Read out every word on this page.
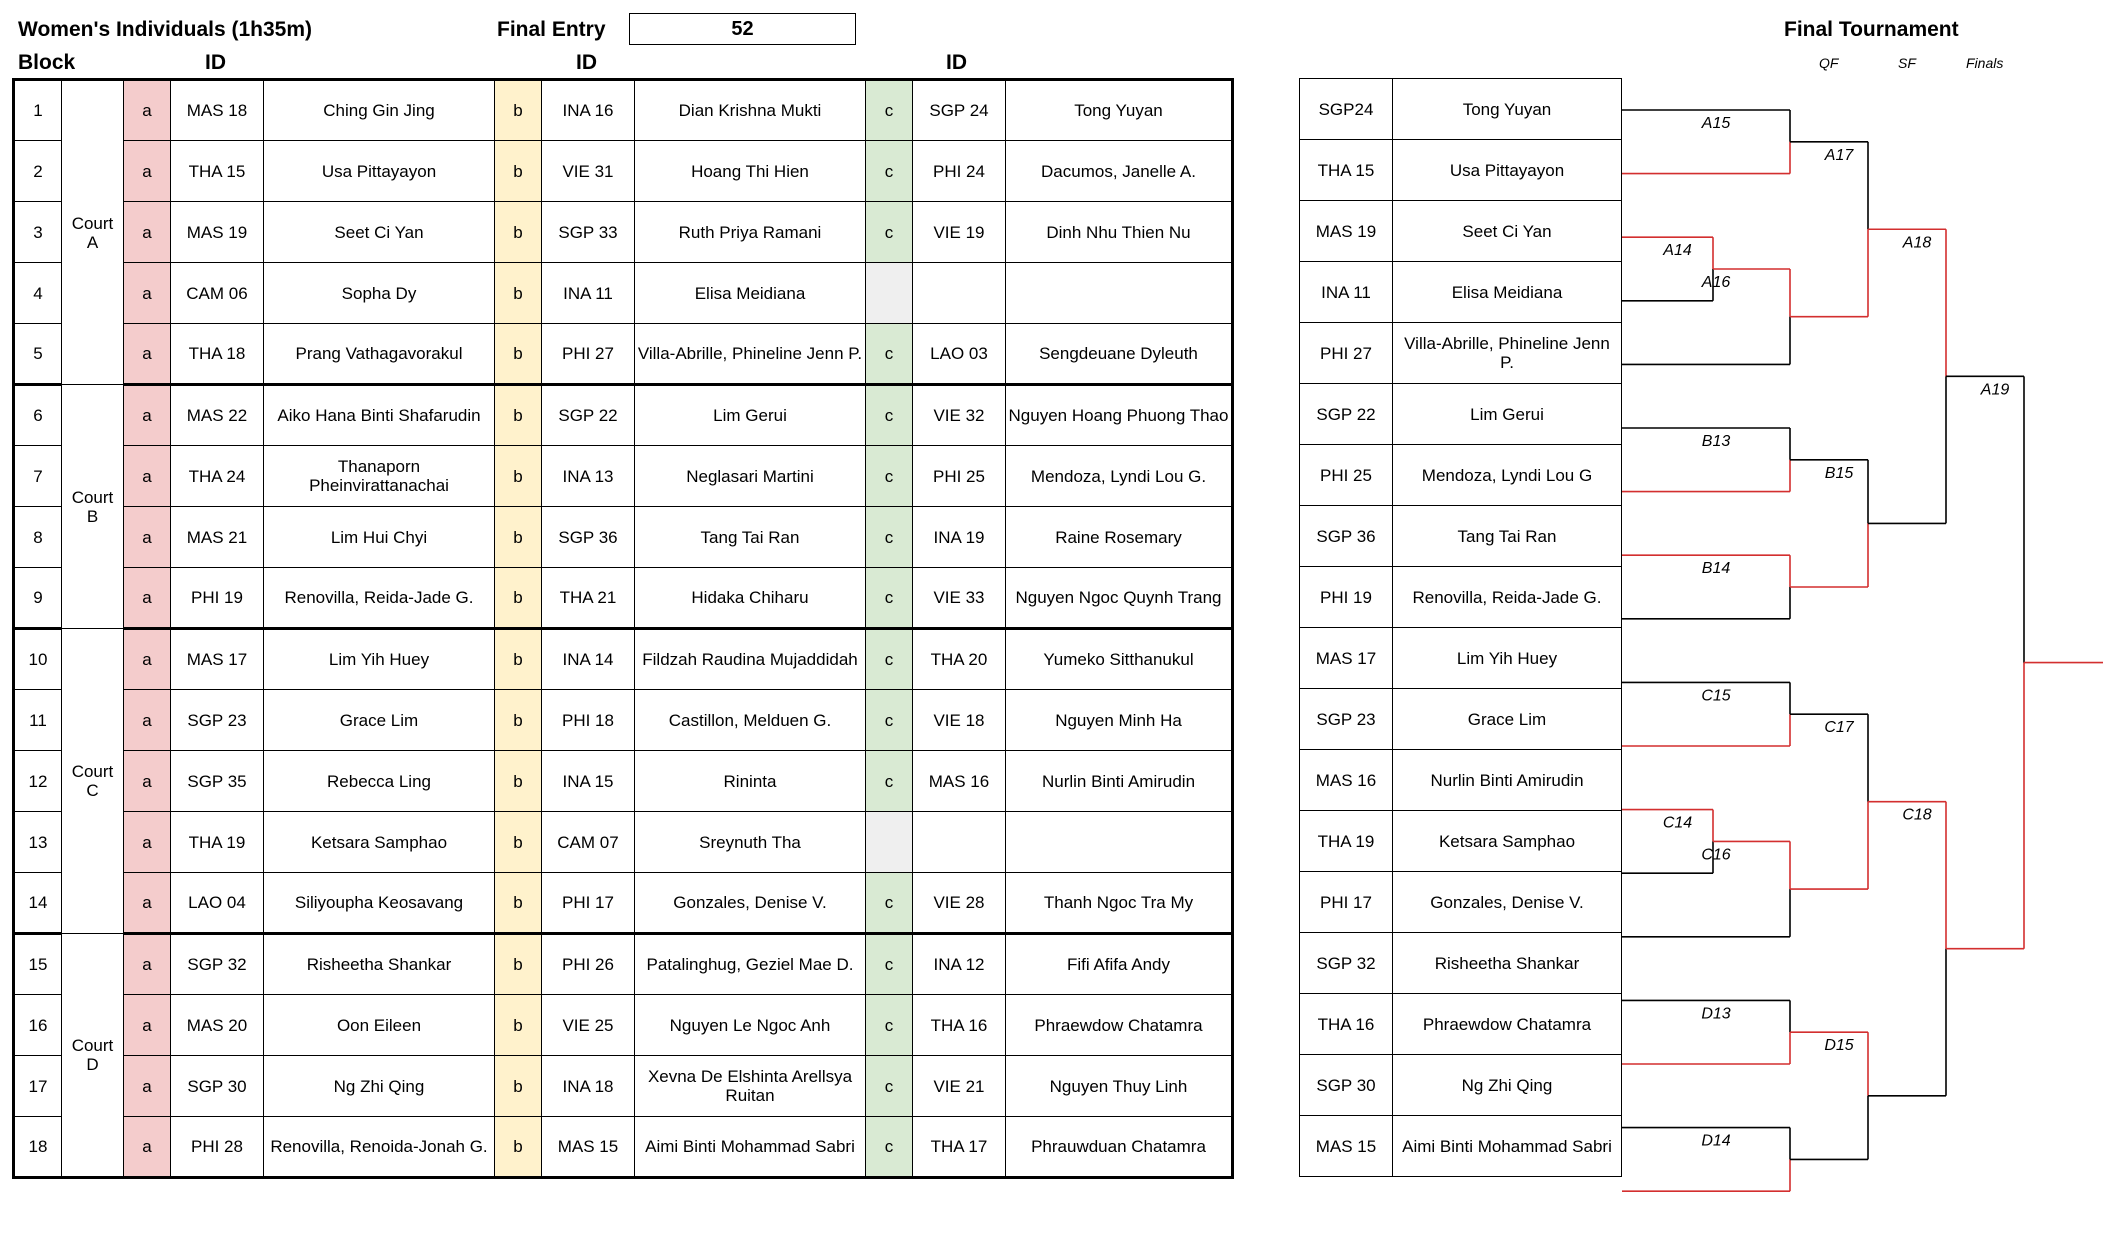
Women's Individuals (1h35m)	Final Entry	52
Block	ID	ID	ID
Final Tournament
QF	SF	Finals
1	Court A	a	MAS 18	Ching Gin Jing	b	INA 16	Dian Krishna Mukti	c	SGP 24	Tong Yuyan
2		a	THA 15	Usa Pittayayon	b	VIE 31	Hoang Thi Hien	c	PHI 24	Dacumos, Janelle A.
3		a	MAS 19	Seet Ci Yan	b	SGP 33	Ruth Priya Ramani	c	VIE 19	Dinh Nhu Thien Nu
4		a	CAM 06	Sopha Dy	b	INA 11	Elisa Meidiana			
5		a	THA 18	Prang Vathagavorakul	b	PHI 27	Villa-Abrille, Phineline Jenn P.	c	LAO 03	Sengdeuane Dyleuth
6	Court B	a	MAS 22	Aiko Hana Binti Shafarudin	b	SGP 22	Lim Gerui	c	VIE 32	Nguyen Hoang Phuong Thao
7		a	THA 24	Thanaporn Pheinvirattanachai	b	INA 13	Neglasari Martini	c	PHI 25	Mendoza, Lyndi Lou G.
8		a	MAS 21	Lim Hui Chyi	b	SGP 36	Tang Tai Ran	c	INA 19	Raine Rosemary
9		a	PHI 19	Renovilla, Reida-Jade G.	b	THA 21	Hidaka Chiharu	c	VIE 33	Nguyen Ngoc Quynh Trang
10	Court C	a	MAS 17	Lim Yih Huey	b	INA 14	Fildzah Raudina Mujaddidah	c	THA 20	Yumeko Sitthanukul
11		a	SGP 23	Grace Lim	b	PHI 18	Castillon, Melduen G.	c	VIE 18	Nguyen Minh Ha
12		a	SGP 35	Rebecca Ling	b	INA 15	Rininta	c	MAS 16	Nurlin Binti Amirudin
13		a	THA 19	Ketsara Samphao	b	CAM 07	Sreynuth Tha			
14		a	LAO 04	Siliyoupha Keosavang	b	PHI 17	Gonzales, Denise V.	c	VIE 28	Thanh Ngoc Tra My
15	Court D	a	SGP 32	Risheetha Shankar	b	PHI 26	Patalinghug, Geziel Mae D.	c	INA 12	Fifi Afifa Andy
16		a	MAS 20	Oon Eileen	b	VIE 25	Nguyen Le Ngoc Anh	c	THA 16	Phraewdow Chatamra
17		a	SGP 30	Ng Zhi Qing	b	INA 18	Xevna De Elshinta Arellsya Ruitan	c	VIE 21	Nguyen Thuy Linh
18		a	PHI 28	Renovilla, Renoida-Jonah G.	b	MAS 15	Aimi Binti Mohammad Sabri	c	THA 17	Phrauwduan Chatamra
SGP24	Tong Yuyan
THA 15	Usa Pittayayon
MAS 19	Seet Ci Yan
INA 11	Elisa Meidiana
PHI 27	Villa-Abrille, Phineline Jenn P.
SGP 22	Lim Gerui
PHI 25	Mendoza, Lyndi Lou G
SGP 36	Tang Tai Ran
PHI 19	Renovilla, Reida-Jade G.
MAS 17	Lim Yih Huey
SGP 23	Grace Lim
MAS 16	Nurlin Binti Amirudin
THA 19	Ketsara Samphao
PHI 17	Gonzales, Denise V.
SGP 32	Risheetha Shankar
THA 16	Phraewdow Chatamra
SGP 30	Ng Zhi Qing
MAS 15	Aimi Binti Mohammad Sabri
A14
A15
A16
A17
B13
B14
B15
A18
C14
C15
C16
C17
D13
D14
D15
C18
A19
